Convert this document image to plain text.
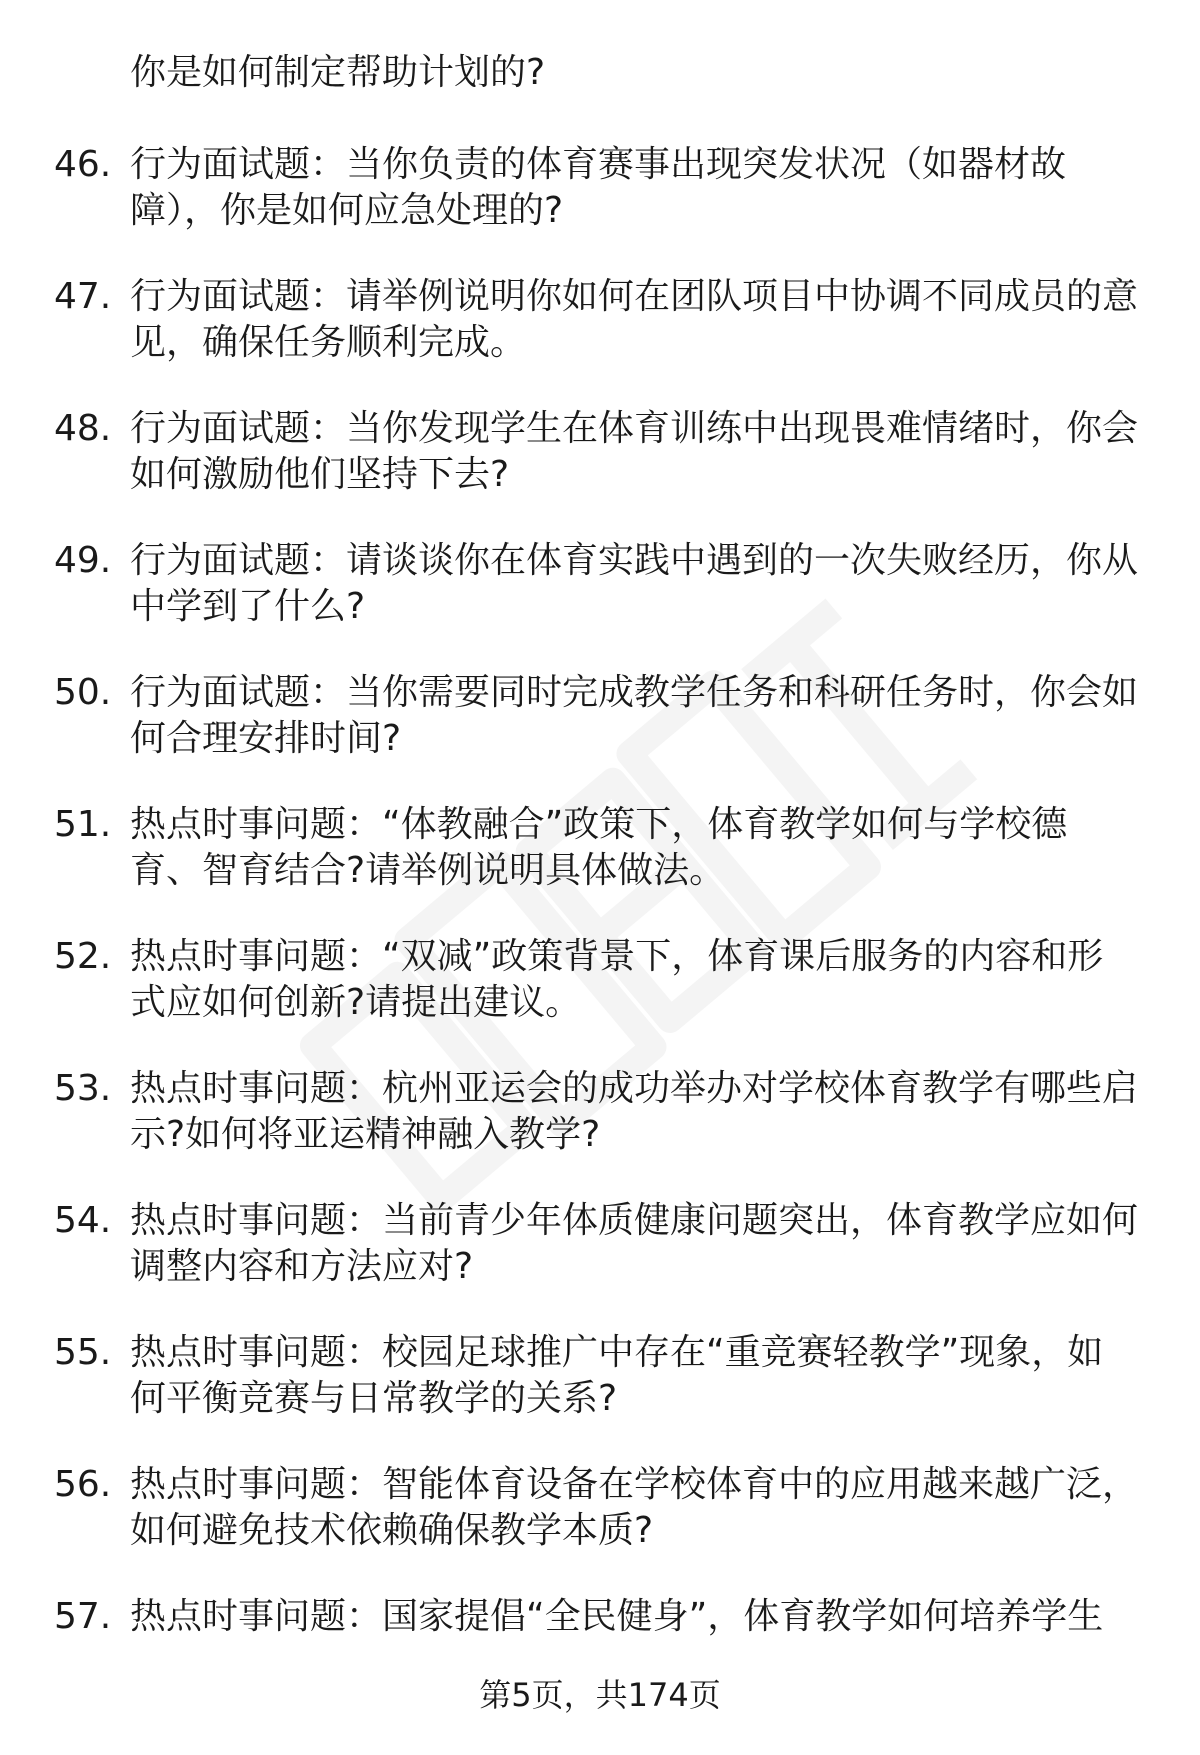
你是如何制定帮助计划的?
46. 行为面试题：当你负责的体育赛事出现突发状况（如器材故
障），你是如何应急处理的?
47. 行为面试题：请举例说明你如何在团队项目中协调不同成员的意
见，确保任务顺利完成。
48. 行为面试题：当你发现学生在体育训练中出现畏难情绪时，你会
如何激励他们坚持下去?
49. 行为面试题：请谈谈你在体育实践中遇到的一次失败经历，你从
中学到了什么?
50. 行为面试题：当你需要同时完成教学任务和科研任务时，你会如
何合理安排时间?
51. 热点时事问题：“体教融合”政策下，体育教学如何与学校德
育、智育结合?请举例说明具体做法。
52. 热点时事问题：“双减”政策背景下，体育课后服务的内容和形
式应如何创新?请提出建议。
53. 热点时事问题：杭州亚运会的成功举办对学校体育教学有哪些启
示?如何将亚运精神融入教学?
54. 热点时事问题：当前青少年体质健康问题突出，体育教学应如何
调整内容和方法应对?
55. 热点时事问题：校园足球推广中存在“重竞赛轻教学”现象，如
何平衡竞赛与日常教学的关系?
56. 热点时事问题：智能体育设备在学校体育中的应用越来越广泛，
如何避免技术依赖确保教学本质?
57. 热点时事问题：国家提倡“全民健身”，体育教学如何培养学生
第5页，共174页
